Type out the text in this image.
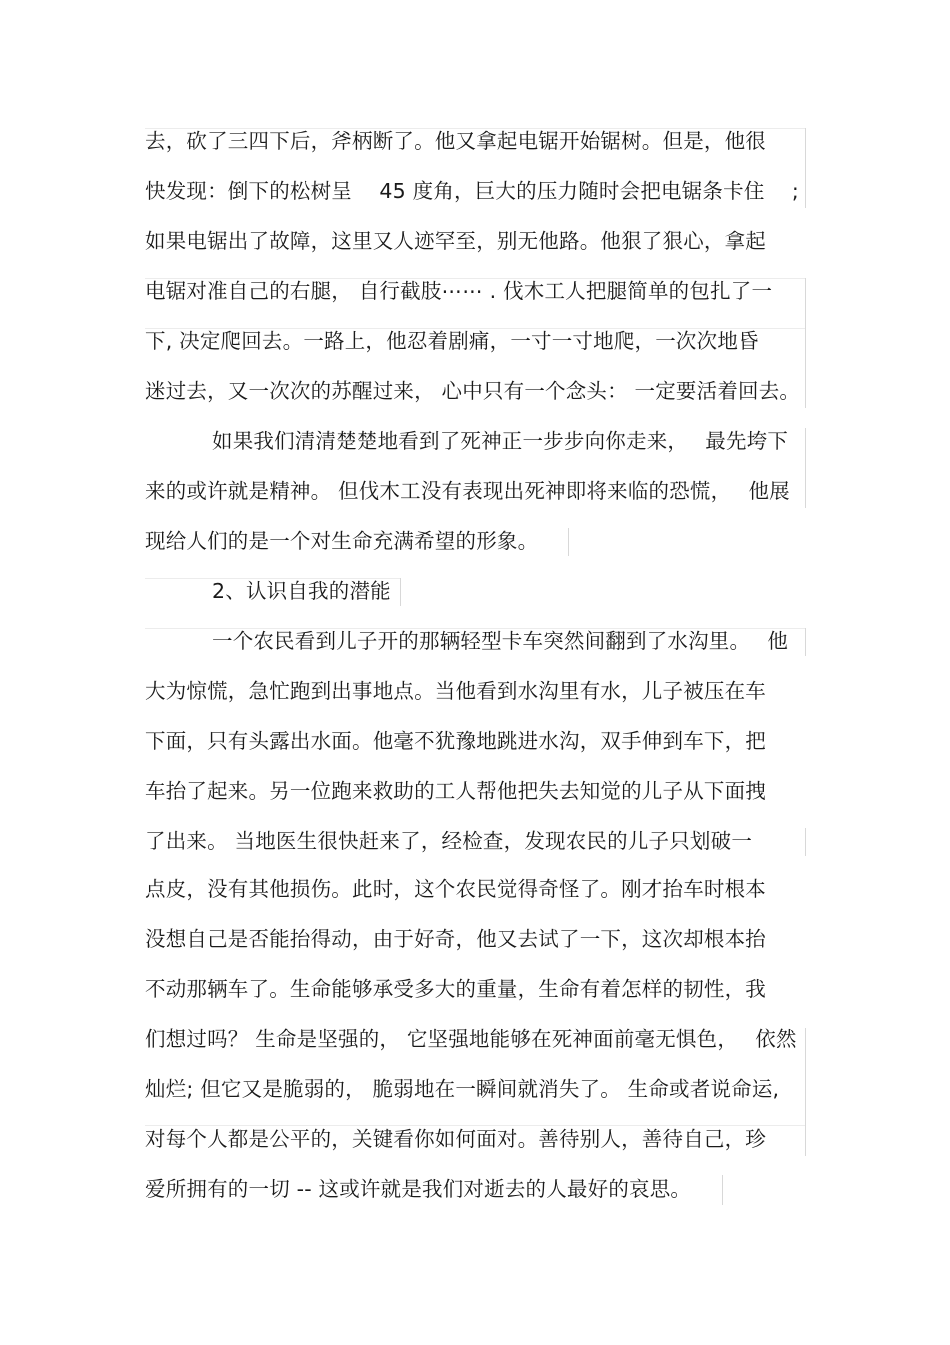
去，砍了三四下后，斧柄断了。他又拿起电锯开始锯树。但是，他很
快发现：倒下的松树呈　 45 度角，巨大的压力随时会把电锯条卡住　 ;
如果电锯出了故障，这里又人迹罕至，别无他路。他狠了狠心，拿起
电锯对准自己的右腿， 自行截肢⋯⋯ . 伐木工人把腿简单的包扎了一
下, 决定爬回去。一路上，他忍着剧痛，一寸一寸地爬，一次次地昏
迷过去，又一次次的苏醒过来， 心中只有一个念头： 一定要活着回去。
如果我们清清楚楚地看到了死神正一步步向你走来，　 最先垮下
来的或许就是精神。 但伐木工没有表现出死神即将来临的恐慌，　 他展
现给人们的是一个对生命充满希望的形象。
2、认识自我的潜能
一个农民看到儿子开的那辆轻型卡车突然间翻到了水沟里。　 他
大为惊慌，急忙跑到出事地点。当他看到水沟里有水，儿子被压在车
下面，只有头露出水面。他毫不犹豫地跳进水沟，双手伸到车下，把
车抬了起来。另一位跑来救助的工人帮他把失去知觉的儿子从下面拽
了出来。 当地医生很快赶来了，经检查，发现农民的儿子只划破一
点皮，没有其他损伤。此时，这个农民觉得奇怪了。刚才抬车时根本
没想自己是否能抬得动，由于好奇，他又去试了一下，这次却根本抬
不动那辆车了。生命能够承受多大的重量，生命有着怎样的韧性，我
们想过吗？ 生命是坚强的， 它坚强地能够在死神面前毫无惧色，　 依然
灿烂; 但它又是脆弱的， 脆弱地在一瞬间就消失了。 生命或者说命运,
对每个人都是公平的，关键看你如何面对。善待别人，善待自己，珍
爱所拥有的一切 -- 这或许就是我们对逝去的人最好的哀思。
